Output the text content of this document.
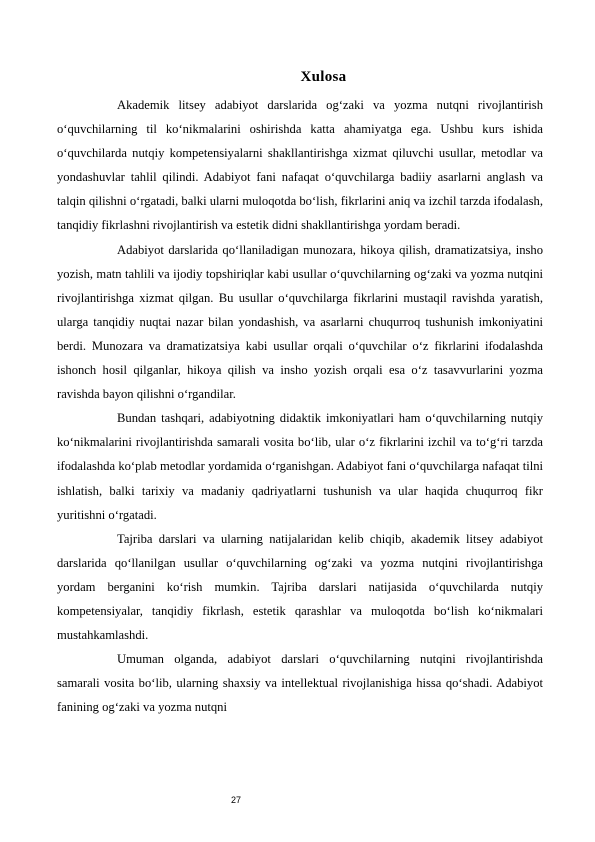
Xulosa

Akademik litsey adabiyot darslarida og‘zaki va yozma nutqni rivojlantirish o‘quvchilarning til ko‘nikmalarini oshirishda katta ahamiyatga ega. Ushbu kurs ishida o‘quvchilarda nutqiy kompetensiyalarni shakllantirishga xizmat qiluvchi usullar, metodlar va yondashuvlar tahlil qilindi. Adabiyot fani nafaqat o‘quvchilarga badiiy asarlarni anglash va talqin qilishni o‘rgatadi, balki ularni muloqotda bo‘lish, fikrlarini aniq va izchil tarzda ifodalash, tanqidiy fikrlashni rivojlantirish va estetik didni shakllantirishga yordam beradi.

Adabiyot darslarida qo‘llaniladigan munozara, hikoya qilish, dramatizatsiya, insho yozish, matn tahlili va ijodiy topshiriqlar kabi usullar o‘quvchilarning og‘zaki va yozma nutqini rivojlantirishga xizmat qilgan. Bu usullar o‘quvchilarga fikrlarini mustaqil ravishda yaratish, ularga tanqidiy nuqtai nazar bilan yondashish, va asarlarni chuqurroq tushunish imkoniyatini berdi. Munozara va dramatizatsiya kabi usullar orqali o‘quvchilar o‘z fikrlarini ifodalashda ishonch hosil qilganlar, hikoya qilish va insho yozish orqali esa o‘z tasavvurlarini yozma ravishda bayon qilishni o‘rgandilar.

Bundan tashqari, adabiyotning didaktik imkoniyatlari ham o‘quvchilarning nutqiy ko‘nikmalarini rivojlantirishda samarali vosita bo‘lib, ular o‘z fikrlarini izchil va to‘g‘ri tarzda ifodalashda ko‘plab metodlar yordamida o‘rganishgan. Adabiyot fani o‘quvchilarga nafaqat tilni ishlatish, balki tarixiy va madaniy qadriyatlarni tushunish va ular haqida chuqurroq fikr yuritishni o‘rgatadi.

Tajriba darslari va ularning natijalaridan kelib chiqib, akademik litsey adabiyot darslarida qo‘llanilgan usullar o‘quvchilarning og‘zaki va yozma nutqini rivojlantirishga yordam berganini ko‘rish mumkin. Tajriba darslari natijasida o‘quvchilarda nutqiy kompetensiyalar, tanqidiy fikrlash, estetik qarashlar va muloqotda bo‘lish ko‘nikmalari mustahkamlashdi.

Umuman olganda, adabiyot darslari o‘quvchilarning nutqini rivojlantirishda samarali vosita bo‘lib, ularning shaxsiy va intellektual rivojlanishiga hissa qo‘shadi. Adabiyot fanining og‘zaki va yozma nutqni

27
